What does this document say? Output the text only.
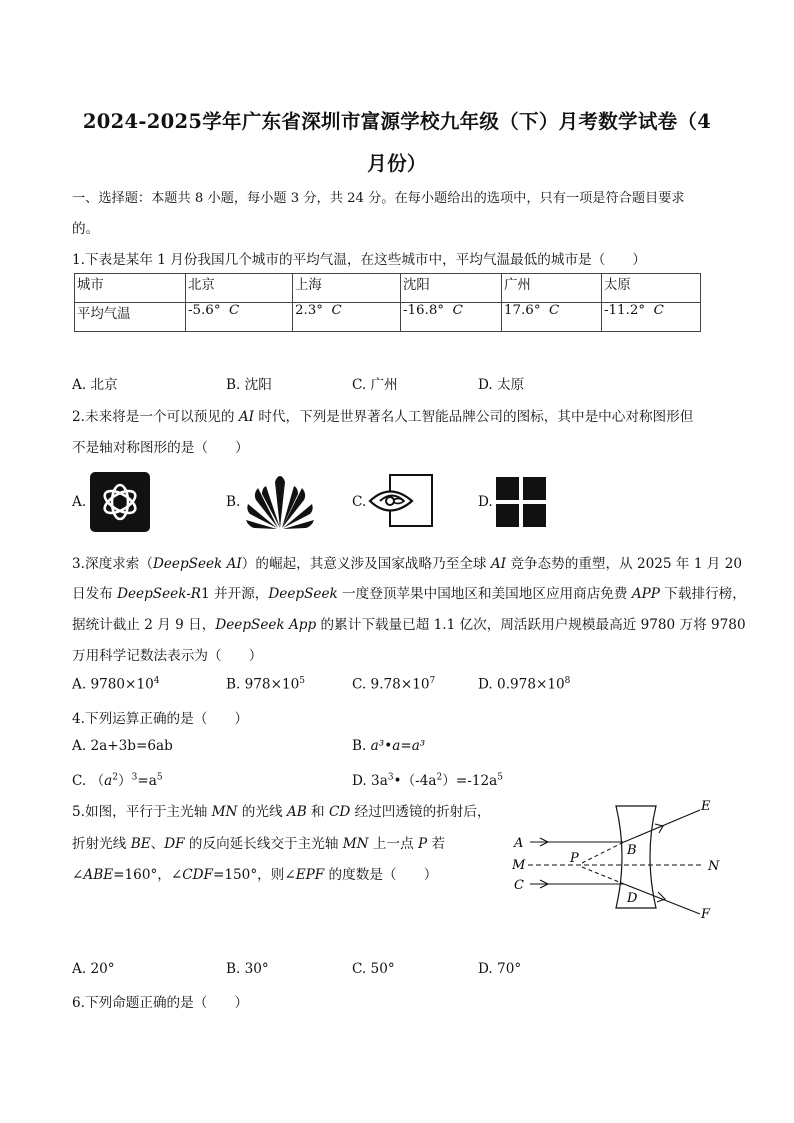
2024-2025学年广东省深圳市富源学校九年级（下）月考数学试卷（4
月份）
一、选择题：本题共 8 小题，每小题 3 分，共 24 分。在每小题给出的选项中，只有一项是符合题目要求
的。
1.下表是某年 1 月份我国几个城市的平均气温，在这些城市中，平均气温最低的城市是（　　）
城市	北京	上海	沈阳	广州	太原
平均气温	-5.6° C	2.3° C	-16.8° C	17.6° C	-11.2° C
A. 北京	B. 沈阳	C. 广州	D. 太原
2.未来将是一个可以预见的 AI 时代，下列是世界著名人工智能品牌公司的图标，其中是中心对称图形但
不是轴对称图形的是（　　）
A.	B.	C.	D.
3.深度求索（DeepSeek AI）的崛起，其意义涉及国家战略乃至全球 AI 竞争态势的重塑，从 2025 年 1 月 20
日发布 DeepSeek-R1 并开源，DeepSeek 一度登顶苹果中国地区和美国地区应用商店免费 APP 下载排行榜，
据统计截止 2 月 9 日，DeepSeek App 的累计下载量已超 1.1 亿次，周活跃用户规模最高近 9780 万将 9780
万用科学记数法表示为（　　）
A. $9780\times 10^4$	B. $978\times 10^5$	C. $9.78\times 10^7$	D. $0.978\times 10^8$
4.下列运算正确的是（　　）
A. 2a+3b=6ab	B. a³•a=a³
C. $(a^2)^3=a^5$	D. $3a^3•(-4a^2)=-12a^5$
5.如图，平行于主光轴 MN 的光线 AB 和 CD 经过凹透镜的折射后，
折射光线 BE、DF 的反向延长线交于主光轴 MN 上一点 P 若
∠ABE=160°，∠CDF=150°，则∠EPF 的度数是（　　）
A
C
M	N
P
B
D
E
F
A. 20°	B. 30°	C. 50°	D. 70°
6.下列命题正确的是（　　）
